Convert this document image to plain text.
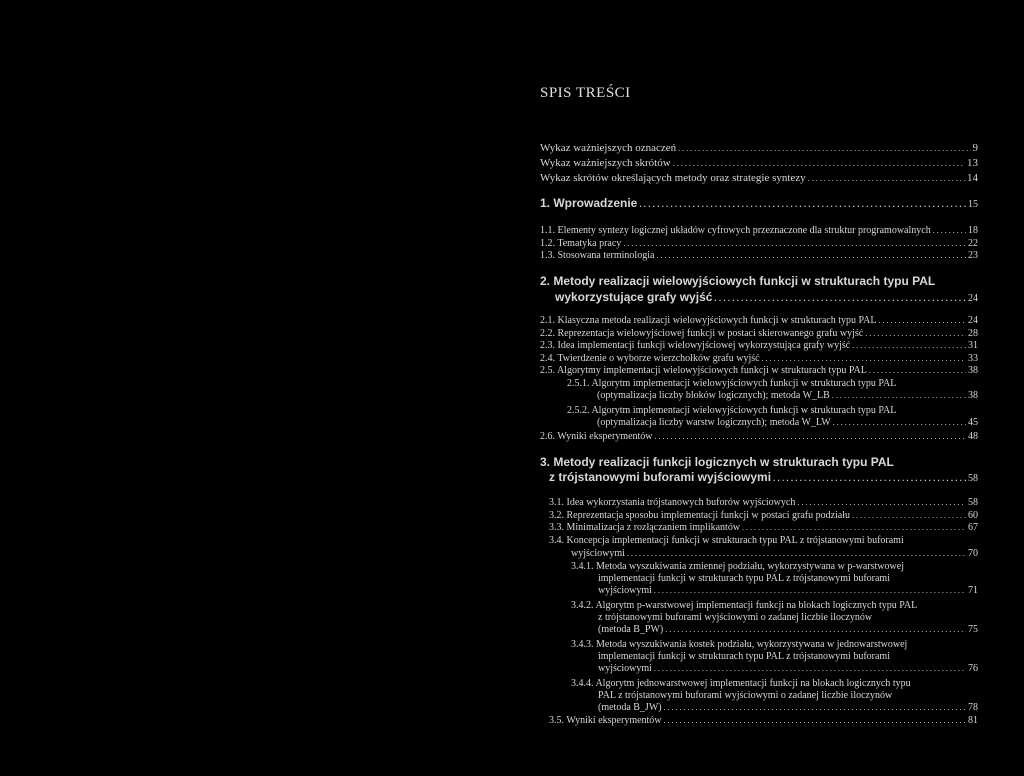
SPIS TREŚCI
Wykaz ważniejszych oznaczeń . . .	9
Wykaz ważniejszych skrótów . . .	13
Wykaz skrótów określających metody oraz strategie syntezy . . .	14
1. Wprowadzenie . . .	15
1.1. Elementy syntezy logicznej układów cyfrowych przeznaczone dla struktur programowalnych . . .	18
1.2. Tematyka pracy . . .	22
1.3. Stosowana terminologia . . .	23
2. Metody realizacji wielowyjściowych funkcji w strukturach typu PAL
wykorzystujące grafy wyjść . . .	24
2.1. Klasyczna metoda realizacji wielowyjściowych funkcji w strukturach typu PAL . . .	24
2.2. Reprezentacja wielowyjściowej funkcji w postaci skierowanego grafu wyjść . . .	28
2.3. Idea implementacji funkcji wielowyjściowej wykorzystująca grafy wyjść . . .	31
2.4. Twierdzenie o wyborze wierzchołków grafu wyjść . . .	33
2.5. Algorytmy implementacji wielowyjściowych funkcji w strukturach typu PAL . . .	38
2.5.1. Algorytm implementacji wielowyjściowych funkcji w strukturach typu PAL
(optymalizacja liczby bloków logicznych); metoda W_LB . . .	38
2.5.2. Algorytm implementacji wielowyjściowych funkcji w strukturach typu PAL
(optymalizacja liczby warstw logicznych); metoda W_LW . . .	45
2.6. Wyniki eksperymentów . . .	48
3. Metody realizacji funkcji logicznych w strukturach typu PAL
z trójstanowymi buforami wyjściowymi . . .	58
3.1. Idea wykorzystania trójstanowych buforów wyjściowych . . .	58
3.2. Reprezentacja sposobu implementacji funkcji w postaci grafu podziału . . .	60
3.3. Minimalizacja z rozłączaniem implikantów . . .	67
3.4. Koncepcja implementacji funkcji w strukturach typu PAL z trójstanowymi buforami
wyjściowymi . . .	70
3.4.1. Metoda wyszukiwania zmiennej podziału, wykorzystywana w p-warstwowej
implementacji funkcji w strukturach typu PAL z trójstanowymi buforami
wyjściowymi . . .	71
3.4.2. Algorytm p-warstwowej implementacji funkcji na blokach logicznych typu PAL
z trójstanowymi buforami wyjściowymi o zadanej liczbie iloczynów
(metoda B_PW) . . .	75
3.4.3. Metoda wyszukiwania kostek podziału, wykorzystywana w jednowarstwowej
implementacji funkcji w strukturach typu PAL z trójstanowymi buforami
wyjściowymi . . .	76
3.4.4. Algorytm jednowarstwowej implementacji funkcji na blokach logicznych typu
PAL z trójstanowymi buforami wyjściowymi o zadanej liczbie iloczynów
(metoda B_JW) . . .	78
3.5. Wyniki eksperymentów . . .	81
